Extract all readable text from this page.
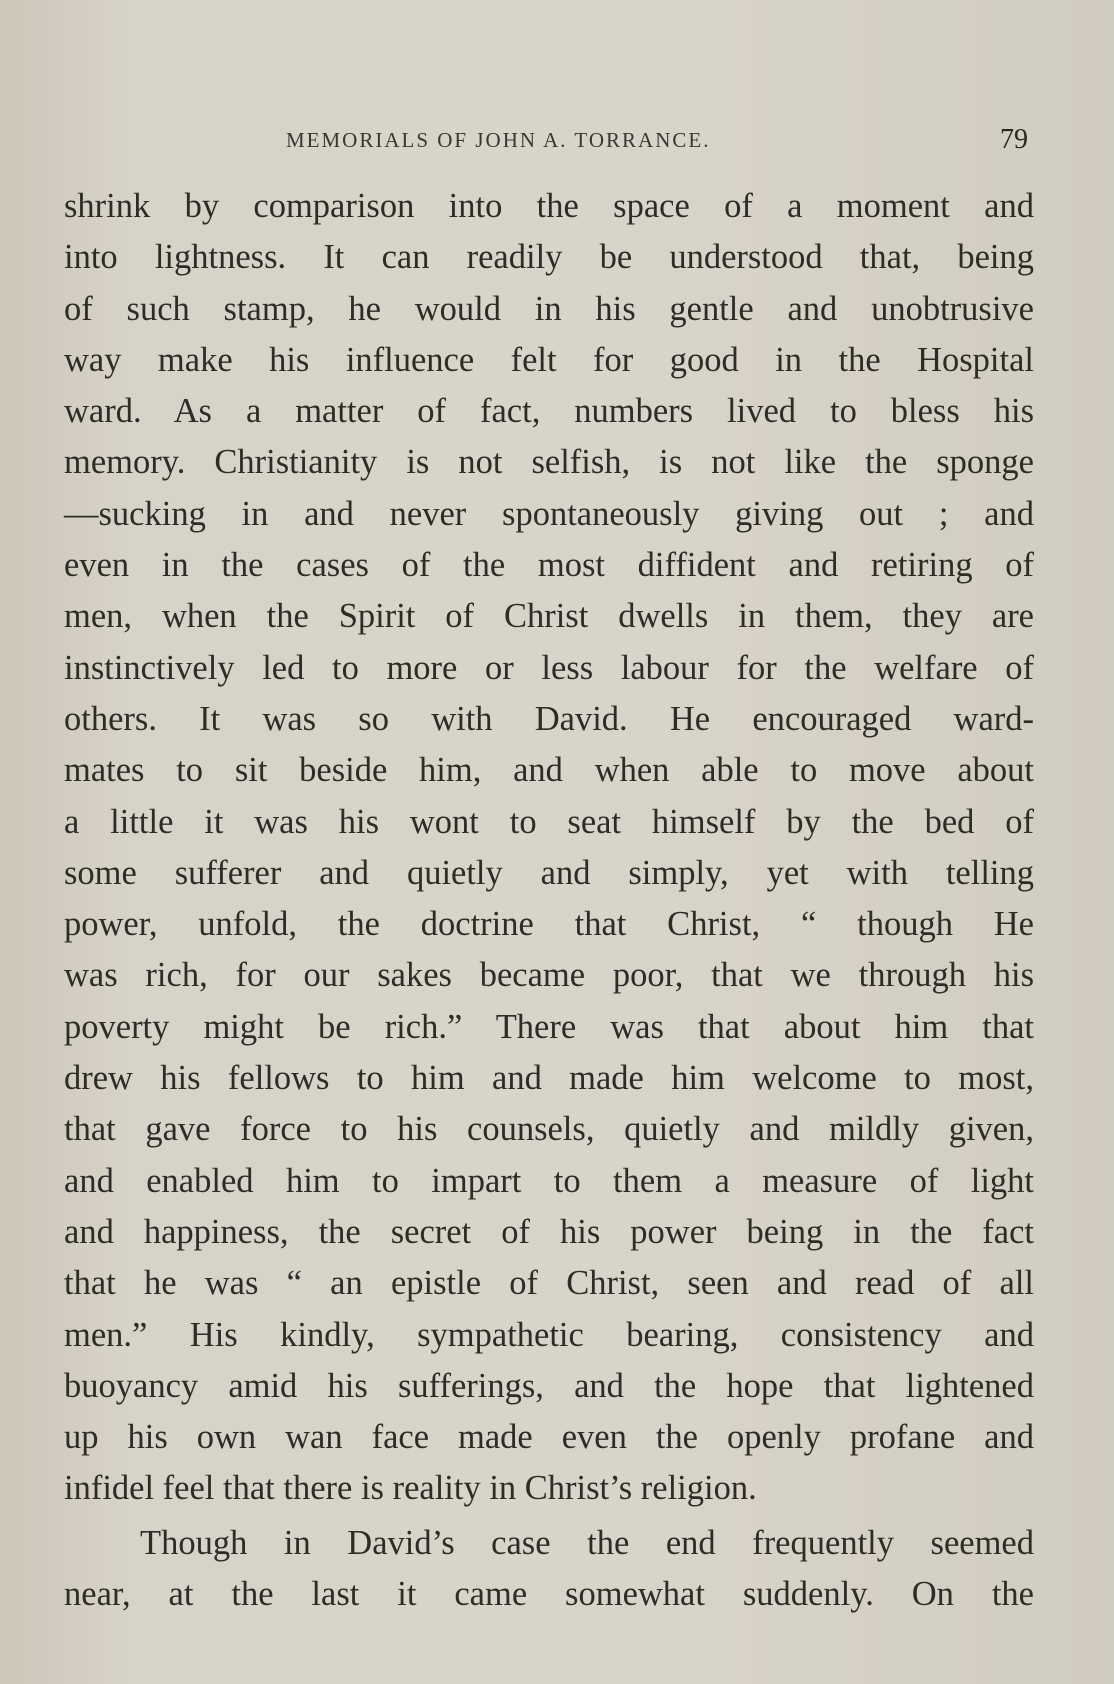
MEMORIALS OF JOHN A. TORRANCE.	79
shrink by comparison into the space of a moment and
into lightness. It can readily be understood that, being
of such stamp, he would in his gentle and unobtrusive
way make his influence felt for good in the Hospital
ward. As a matter of fact, numbers lived to bless his
memory. Christianity is not selfish, is not like the sponge
—sucking in and never spontaneously giving out ; and
even in the cases of the most diffident and retiring of
men, when the Spirit of Christ dwells in them, they are
instinctively led to more or less labour for the welfare of
others. It was so with David. He encouraged ward-
mates to sit beside him, and when able to move about
a little it was his wont to seat himself by the bed of
some sufferer and quietly and simply, yet with telling
power, unfold, the doctrine that Christ, “ though He
was rich, for our sakes became poor, that we through his
poverty might be rich.” There was that about him that
drew his fellows to him and made him welcome to most,
that gave force to his counsels, quietly and mildly given,
and enabled him to impart to them a measure of light
and happiness, the secret of his power being in the fact
that he was “ an epistle of Christ, seen and read of all
men.” His kindly, sympathetic bearing, consistency and
buoyancy amid his sufferings, and the hope that lightened
up his own wan face made even the openly profane and
infidel feel that there is reality in Christ’s religion.
Though in David’s case the end frequently seemed
near, at the last it came somewhat suddenly. On the
